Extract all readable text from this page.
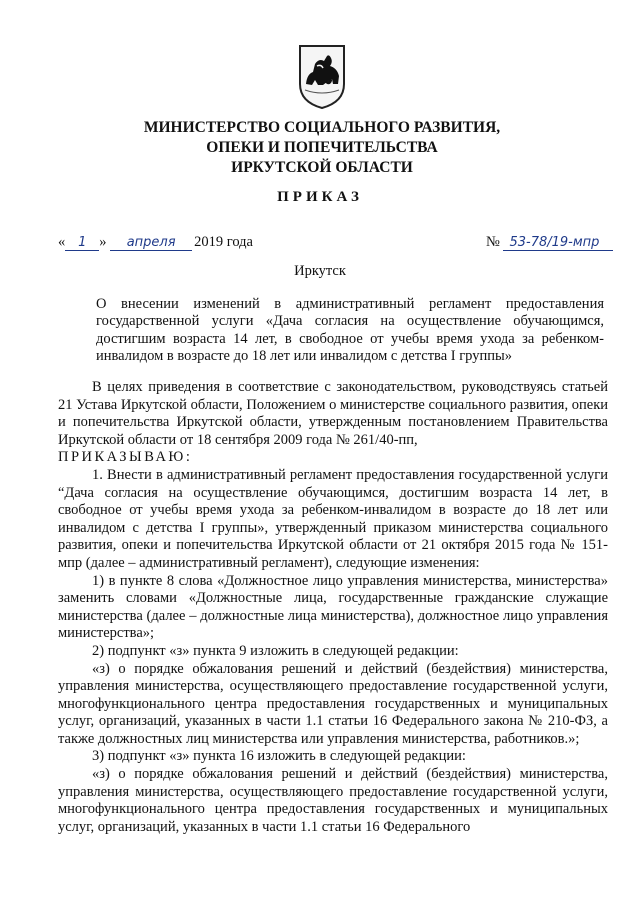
МИНИСТЕРСТВО СОЦИАЛЬНОГО РАЗВИТИЯ,
ОПЕКИ И ПОПЕЧИТЕЛЬСТВА
ИРКУТСКОЙ ОБЛАСТИ
ПРИКАЗ
« 1 » апреля 2019 года	№ 53-78/19-мпр
Иркутск
О внесении изменений в административный регламент предоставления государственной услуги «Дача согласия на осуществление обучающимся, достигшим возраста 14 лет, в свободное от учебы время ухода за ребенком-инвалидом в возрасте до 18 лет или инвалидом с детства I группы»

В целях приведения в соответствие с законодательством, руководствуясь статьей 21 Устава Иркутской области, Положением о министерстве социального развития, опеки и попечительства Иркутской области, утвержденным постановлением Правительства Иркутской области от 18 сентября 2009 года № 261/40-пп,

ПРИКАЗЫВАЮ:

1. Внести в административный регламент предоставления государственной услуги “Дача согласия на осуществление обучающимся, достигшим возраста 14 лет, в свободное от учебы время ухода за ребенком-инвалидом в возрасте до 18 лет или инвалидом с детства I группы», утвержденный приказом министерства социального развития, опеки и попечительства Иркутской области от 21 октября 2015 года № 151-мпр (далее – административный регламент), следующие изменения:

1) в пункте 8 слова «Должностное лицо управления министерства, министерства» заменить словами «Должностные лица, государственные гражданские служащие министерства (далее – должностные лица министерства), должностное лицо управления министерства»;

2) подпункт «з» пункта 9 изложить в следующей редакции:

«з) о порядке обжалования решений и действий (бездействия) министерства, управления министерства, осуществляющего предоставление государственной услуги, многофункционального центра предоставления государственных и муниципальных услуг, организаций, указанных в части 1.1 статьи 16 Федерального закона № 210-ФЗ, а также должностных лиц министерства или управления министерства, работников.»;

3) подпункт «з» пункта 16 изложить в следующей редакции:

«з) о порядке обжалования решений и действий (бездействия) министерства, управления министерства, осуществляющего предоставление государственной услуги, многофункционального центра предоставления государственных и муниципальных услуг, организаций, указанных в части 1.1 статьи 16 Федерального
